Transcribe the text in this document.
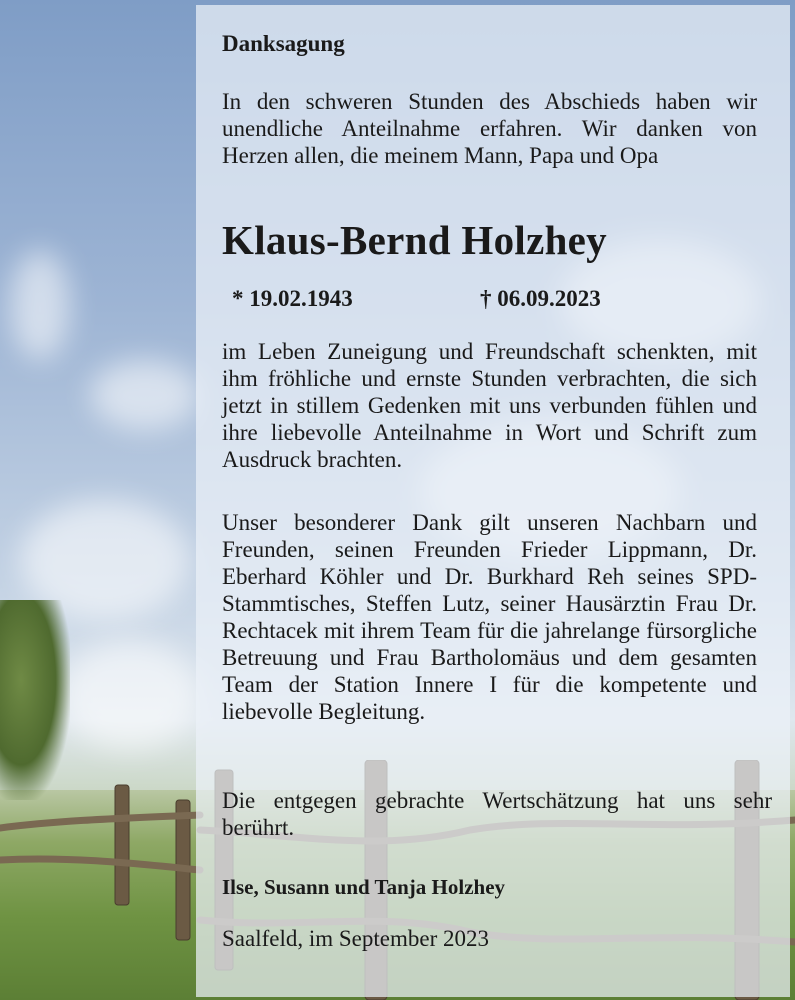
Danksagung

In den schweren Stunden des Abschieds haben wir unendliche Anteilnahme erfahren. Wir danken von Herzen allen, die meinem Mann, Papa und Opa

Klaus-Bernd Holzhey
* 19.02.1943	† 06.09.2023

im Leben Zuneigung und Freundschaft schenkten, mit ihm fröhliche und ernste Stunden verbrachten, die sich jetzt in stillem Gedenken mit uns verbunden fühlen und ihre liebevolle Anteilnahme in Wort und Schrift zum Ausdruck brachten.

Unser besonderer Dank gilt unseren Nachbarn und Freunden, seinen Freunden Frieder Lippmann, Dr. Eberhard Köhler und Dr. Burkhard Reh seines SPD-Stammtisches, Steffen Lutz, seiner Hausärztin Frau Dr. Rechtacek mit ihrem Team für die jahrelange fürsorgliche Betreuung und Frau Bartholomäus und dem gesamten Team der Station Innere I für die kompetente und liebevolle Begleitung.

Die entgegen gebrachte Wertschätzung hat uns sehr berührt.

Ilse, Susann und Tanja Holzhey
Saalfeld, im September 2023
